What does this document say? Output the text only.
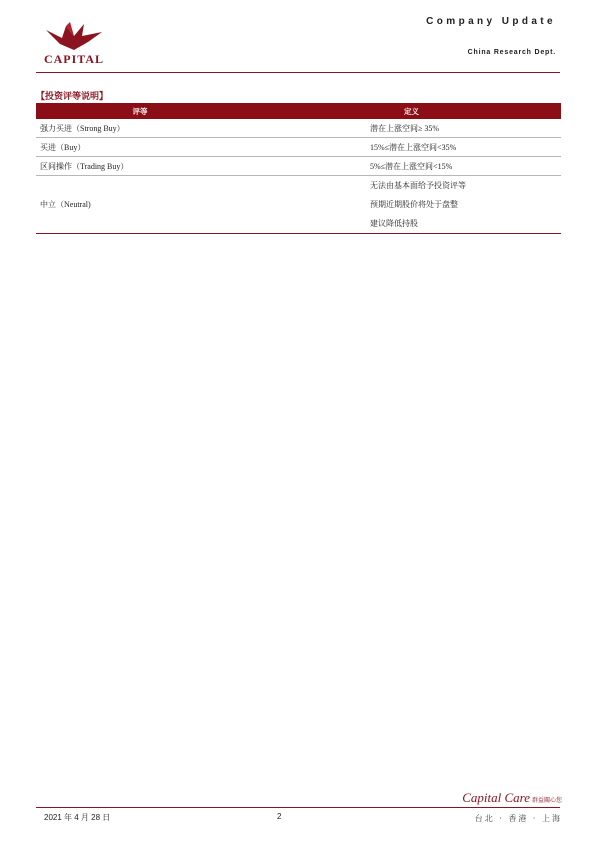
CAPITAL
Company Update
China Research Dept.
【投资评等说明】
评等	定义
强力买进（Strong Buy）	潜在上涨空间≥ 35%
买进（Buy）	15%≤潜在上涨空间<35%
区间操作（Trading Buy）	5%≤潜在上涨空间<15%
中立（Neutral)	无法由基本面给予投资评等
预期近期股价将处于盘整
建议降低持股
Capital Care 群益關心您
2021 年 4 月 28 日	2	台北 · 香港 · 上海
